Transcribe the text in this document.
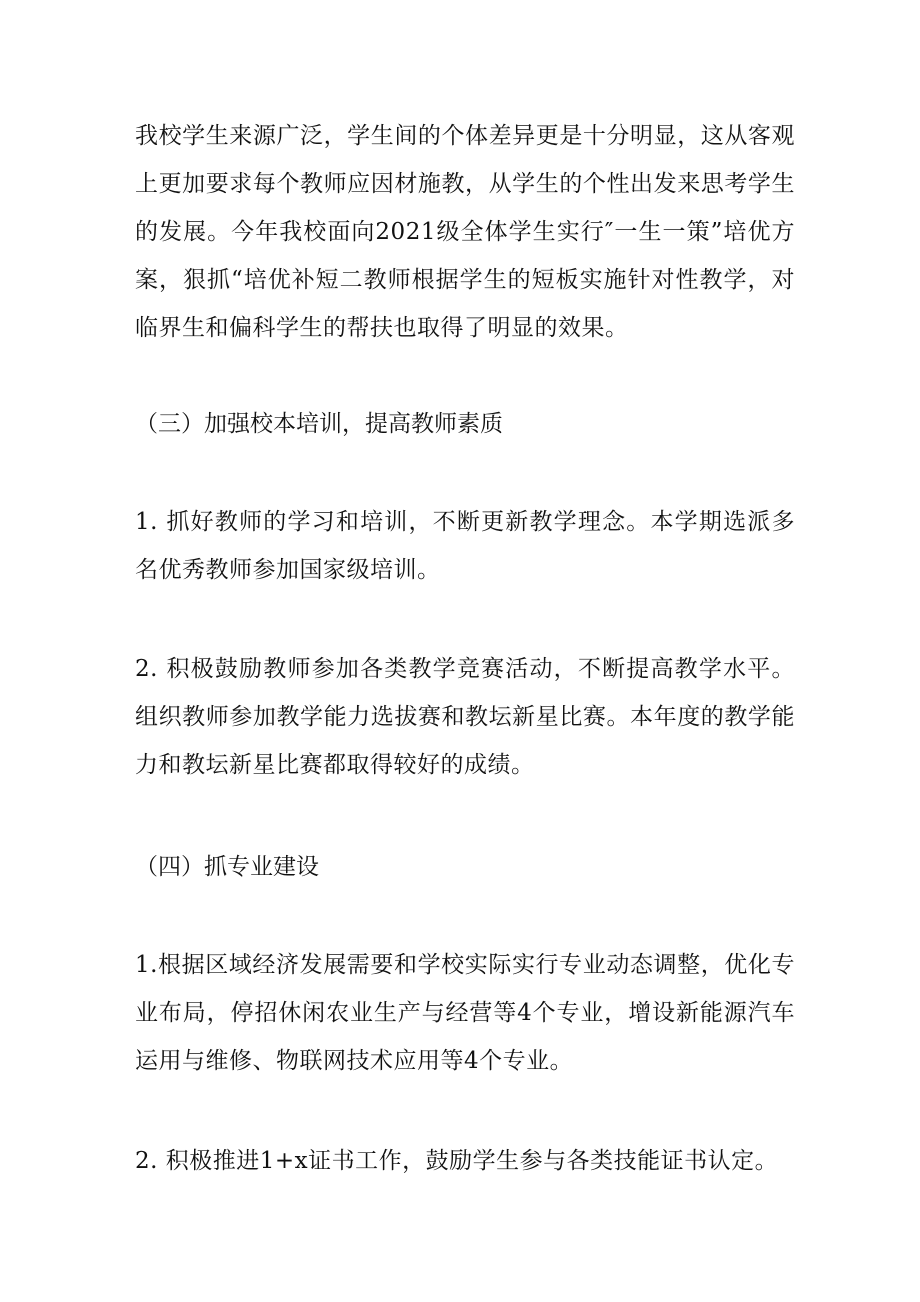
我校学生来源广泛，学生间的个体差异更是十分明显，这从客观上更加要求每个教师应因材施教，从学生的个性出发来思考学生的发展。今年我校面向2021级全体学生实行″一生一策”培优方案，狠抓“培优补短二教师根据学生的短板实施针对性教学，对临界生和偏科学生的帮扶也取得了明显的效果。

（三）加强校本培训，提高教师素质

1. 抓好教师的学习和培训，不断更新教学理念。本学期选派多名优秀教师参加国家级培训。

2. 积极鼓励教师参加各类教学竞赛活动，不断提高教学水平。组织教师参加教学能力选拔赛和教坛新星比赛。本年度的教学能力和教坛新星比赛都取得较好的成绩。

（四）抓专业建设

1.根据区域经济发展需要和学校实际实行专业动态调整，优化专业布局，停招休闲农业生产与经营等4个专业，增设新能源汽车运用与维修、物联网技术应用等4个专业。

2. 积极推进1+x证书工作，鼓励学生参与各类技能证书认定。
